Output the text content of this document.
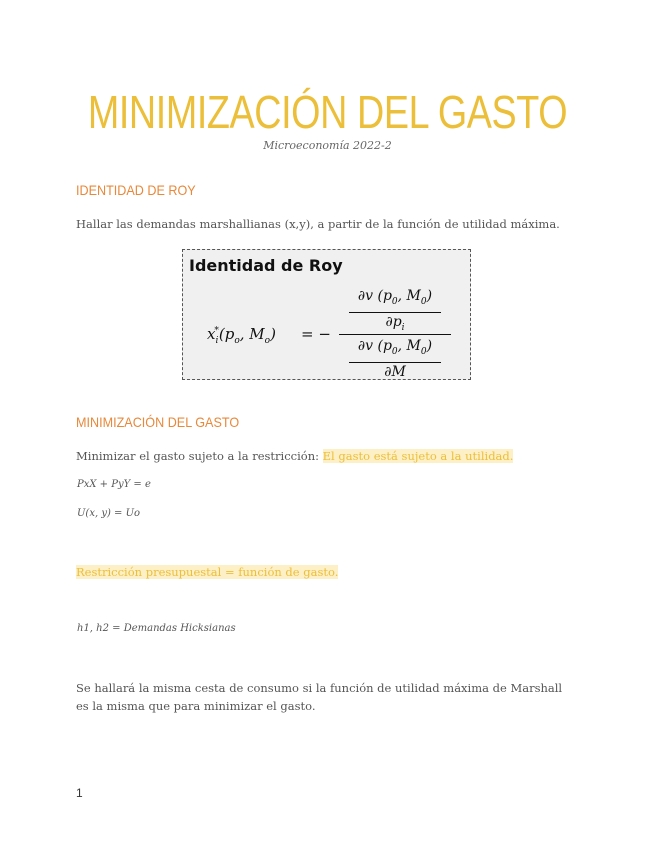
MINIMIZACIÓN DEL GASTO
Microeconomía 2022-2
IDENTIDAD DE ROY
Hallar las demandas marshallianas (x,y), a partir de la función de utilidad máxima.
Identidad de Roy
$x_i^*(p_o$, $M_o$) = −
∂v ($p_0$, $M_0$)
$\partial p_i$
∂v ($p_0$, $M_0$)
∂M
MINIMIZACIÓN DEL GASTO
Minimizar el gasto sujeto a la restricción: El gasto está sujeto a la utilidad.
PxX + PyY = e
U(x, y) = Uo
Restricción presupuestal = función de gasto.
h1, h2 = Demandas Hicksianas
Se hallará la misma cesta de consumo si la función de utilidad máxima de Marshall es la misma que para minimizar el gasto.
1
